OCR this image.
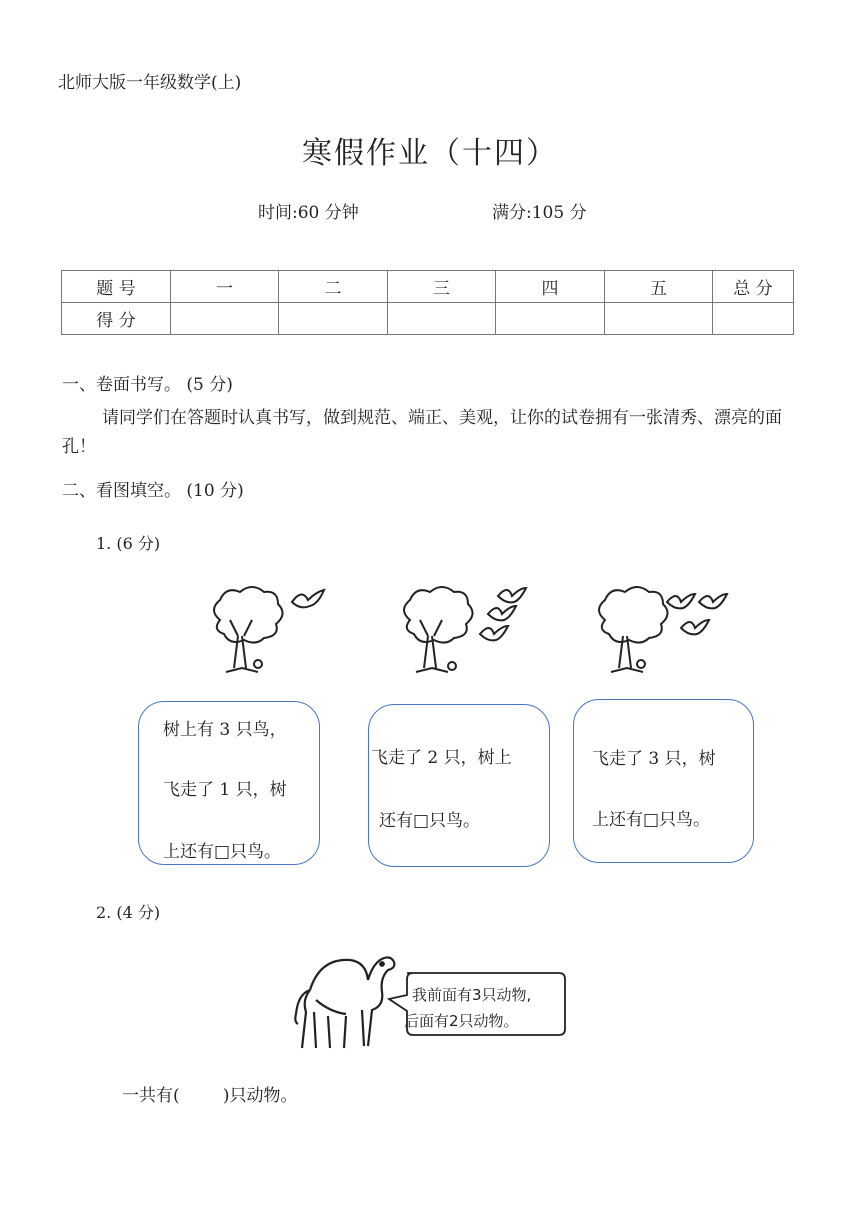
北师大版一年级数学(上)
寒假作业（十四）
时间:60 分钟	满分:105 分
题 号	一	二	三	四	五	总 分
得 分						
一、卷面书写。 (5 分)
请同学们在答题时认真书写，做到规范、端正、美观，让你的试卷拥有一张清秀、漂亮的面孔！
二、看图填空。 (10 分)
1. (6 分)
树上有 3 只鸟，
飞走了 1 只，树
上还有□只鸟。
飞走了 2 只，树上
还有□只鸟。
飞走了 3 只，树
上还有□只鸟。
2. (4 分)
我前面有3只动物,
后面有2只动物。
一共有(        )只动物。
